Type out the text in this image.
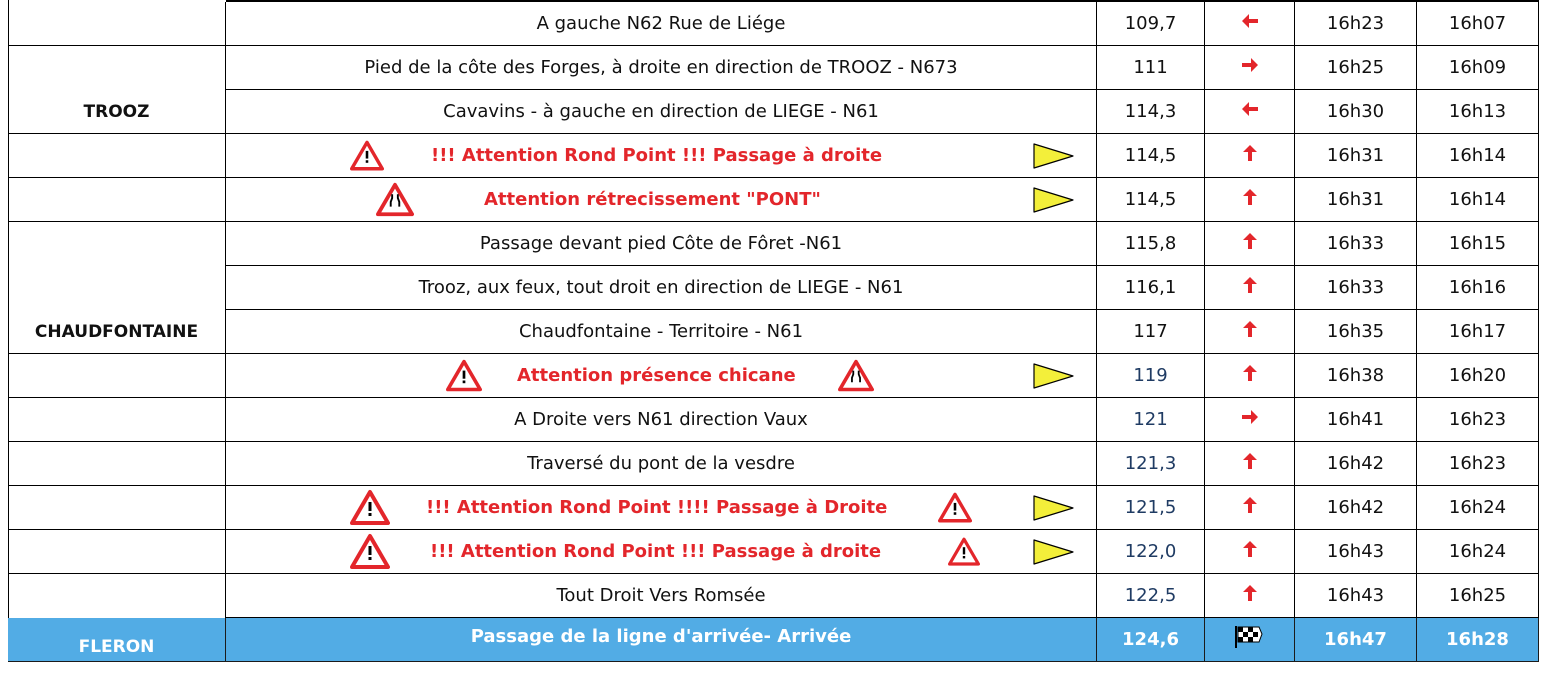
A gauche N62 Rue de Liége	109,7	16h23	16h07
Pied de la côte des Forges, à droite en direction de TROOZ - N673	111	16h25	16h09
TROOZ	Cavavins - à gauche en direction de LIEGE - N61	114,3	16h30	16h13
!!! Attention Rond Point !!! Passage à droite	114,5	16h31	16h14
Attention rétrecissement "PONT"	114,5	16h31	16h14
Passage devant pied Côte de Fôret -N61	115,8	16h33	16h15
Trooz, aux feux, tout droit en direction de LIEGE - N61	116,1	16h33	16h16
CHAUDFONTAINE	Chaudfontaine - Territoire - N61	117	16h35	16h17
Attention présence chicane	119	16h38	16h20
A Droite vers N61 direction Vaux	121	16h41	16h23
Traversé du pont de la vesdre	121,3	16h42	16h23
!!! Attention Rond Point !!!! Passage à Droite	121,5	16h42	16h24
!!! Attention Rond Point !!! Passage à droite	122,0	16h43	16h24
Tout Droit Vers Romsée	122,5	16h43	16h25
FLERON	Passage de la ligne d'arrivée- Arrivée	124,6	16h47	16h28
